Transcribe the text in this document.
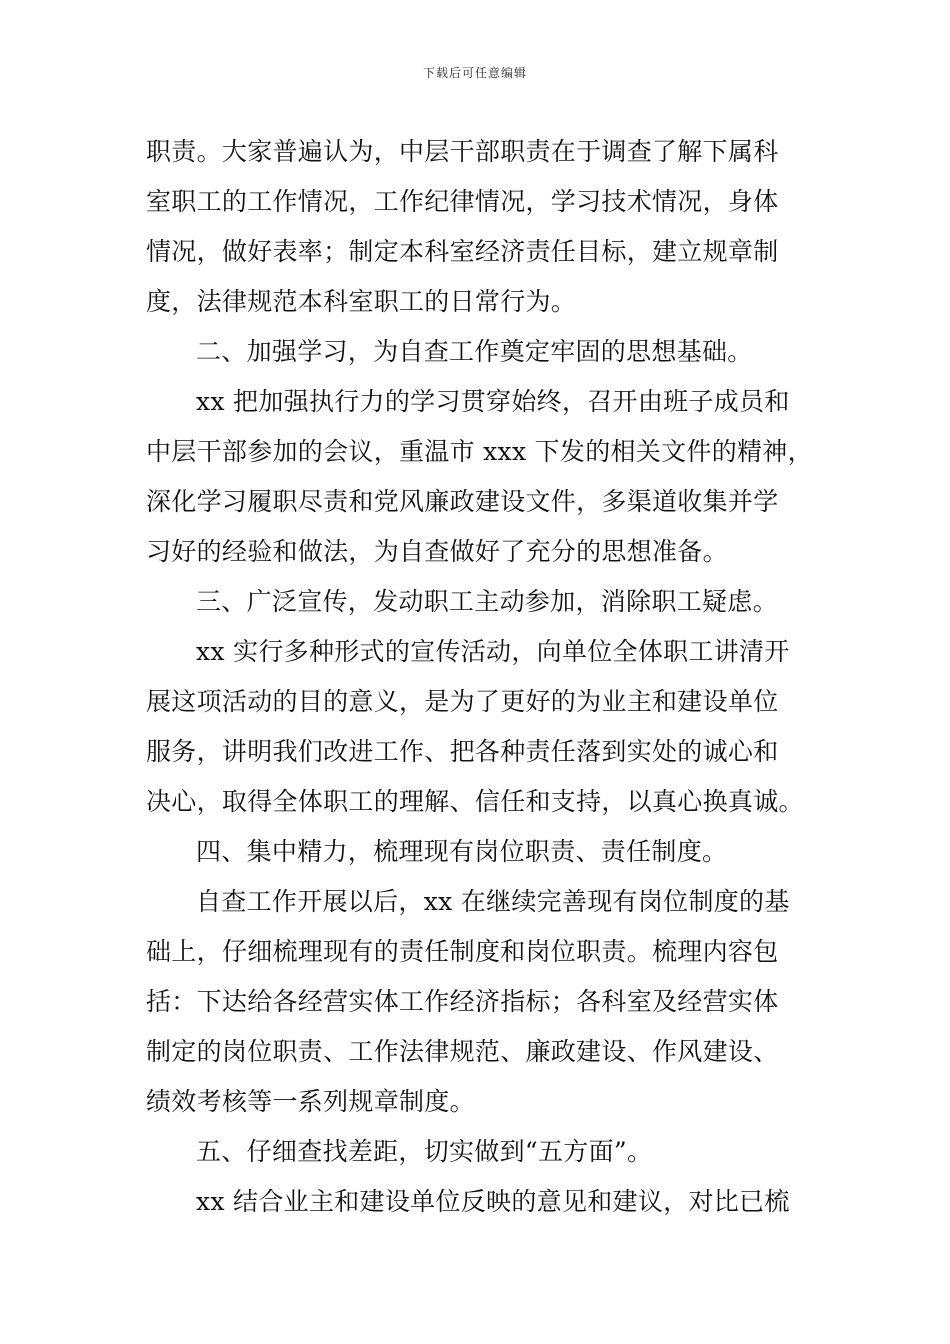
下载后可任意编辑
职责。大家普遍认为，中层干部职责在于调查了解下属科
室职工的工作情况，工作纪律情况，学习技术情况，身体
情况，做好表率；制定本科室经济责任目标，建立规章制
度，法律规范本科室职工的日常行为。
二、加强学习，为自查工作奠定牢固的思想基础。
xx 把加强执行力的学习贯穿始终，召开由班子成员和
中层干部参加的会议，重温市 xxx 下发的相关文件的精神，
深化学习履职尽责和党风廉政建设文件，多渠道收集并学
习好的经验和做法，为自查做好了充分的思想准备。
三、广泛宣传，发动职工主动参加，消除职工疑虑。
xx 实行多种形式的宣传活动，向单位全体职工讲清开
展这项活动的目的意义，是为了更好的为业主和建设单位
服务，讲明我们改进工作、把各种责任落到实处的诚心和
决心，取得全体职工的理解、信任和支持，以真心换真诚。
四、集中精力，梳理现有岗位职责、责任制度。
自查工作开展以后，xx 在继续完善现有岗位制度的基
础上，仔细梳理现有的责任制度和岗位职责。梳理内容包
括：下达给各经营实体工作经济指标；各科室及经营实体
制定的岗位职责、工作法律规范、廉政建设、作风建设、
绩效考核等一系列规章制度。
五、仔细查找差距，切实做到“五方面”。
xx 结合业主和建设单位反映的意见和建议，对比已梳
